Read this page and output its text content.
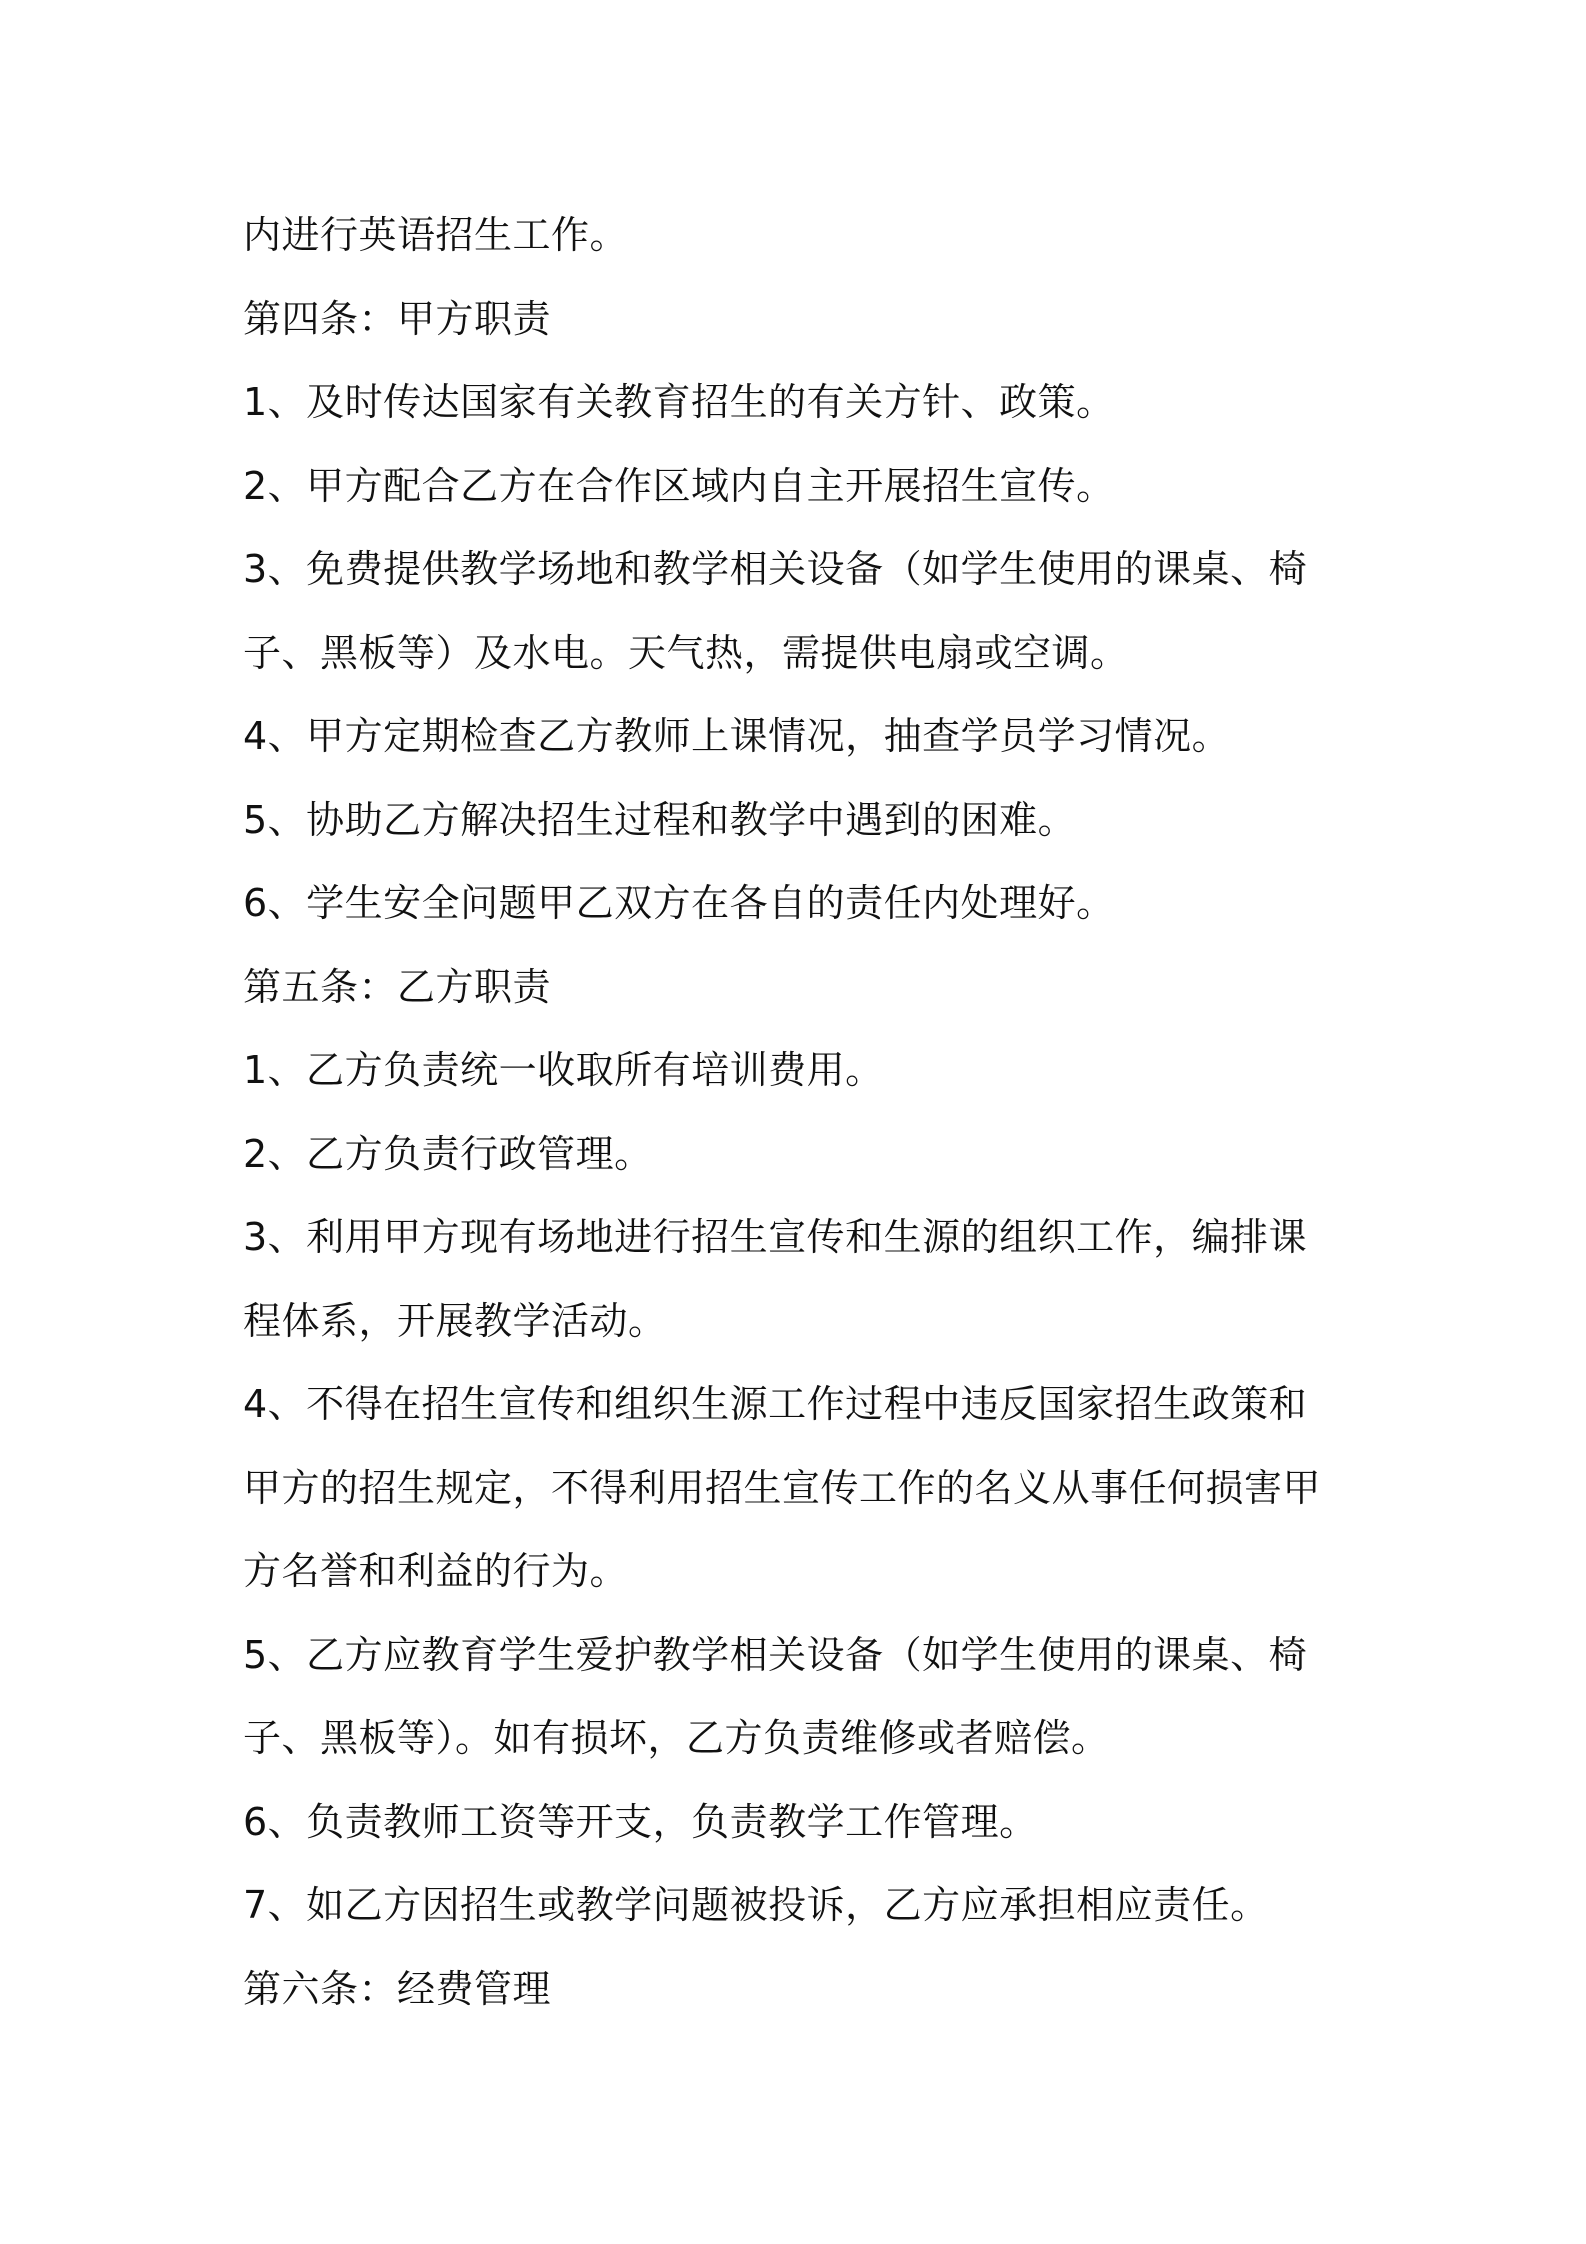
内进行英语招生工作。
第四条：甲方职责
1、及时传达国家有关教育招生的有关方针、政策。
2、甲方配合乙方在合作区域内自主开展招生宣传。
3、免费提供教学场地和教学相关设备（如学生使用的课桌、椅
子、黑板等）及水电。天气热，需提供电扇或空调。
4、甲方定期检查乙方教师上课情况，抽查学员学习情况。
5、协助乙方解决招生过程和教学中遇到的困难。
6、学生安全问题甲乙双方在各自的责任内处理好。
第五条：乙方职责
1、乙方负责统一收取所有培训费用。
2、乙方负责行政管理。
3、利用甲方现有场地进行招生宣传和生源的组织工作，编排课
程体系，开展教学活动。
4、不得在招生宣传和组织生源工作过程中违反国家招生政策和
甲方的招生规定，不得利用招生宣传工作的名义从事任何损害甲
方名誉和利益的行为。
5、乙方应教育学生爱护教学相关设备（如学生使用的课桌、椅
子、黑板等）。如有损坏，乙方负责维修或者赔偿。
6、负责教师工资等开支，负责教学工作管理。
7、如乙方因招生或教学问题被投诉，乙方应承担相应责任。
第六条：经费管理
